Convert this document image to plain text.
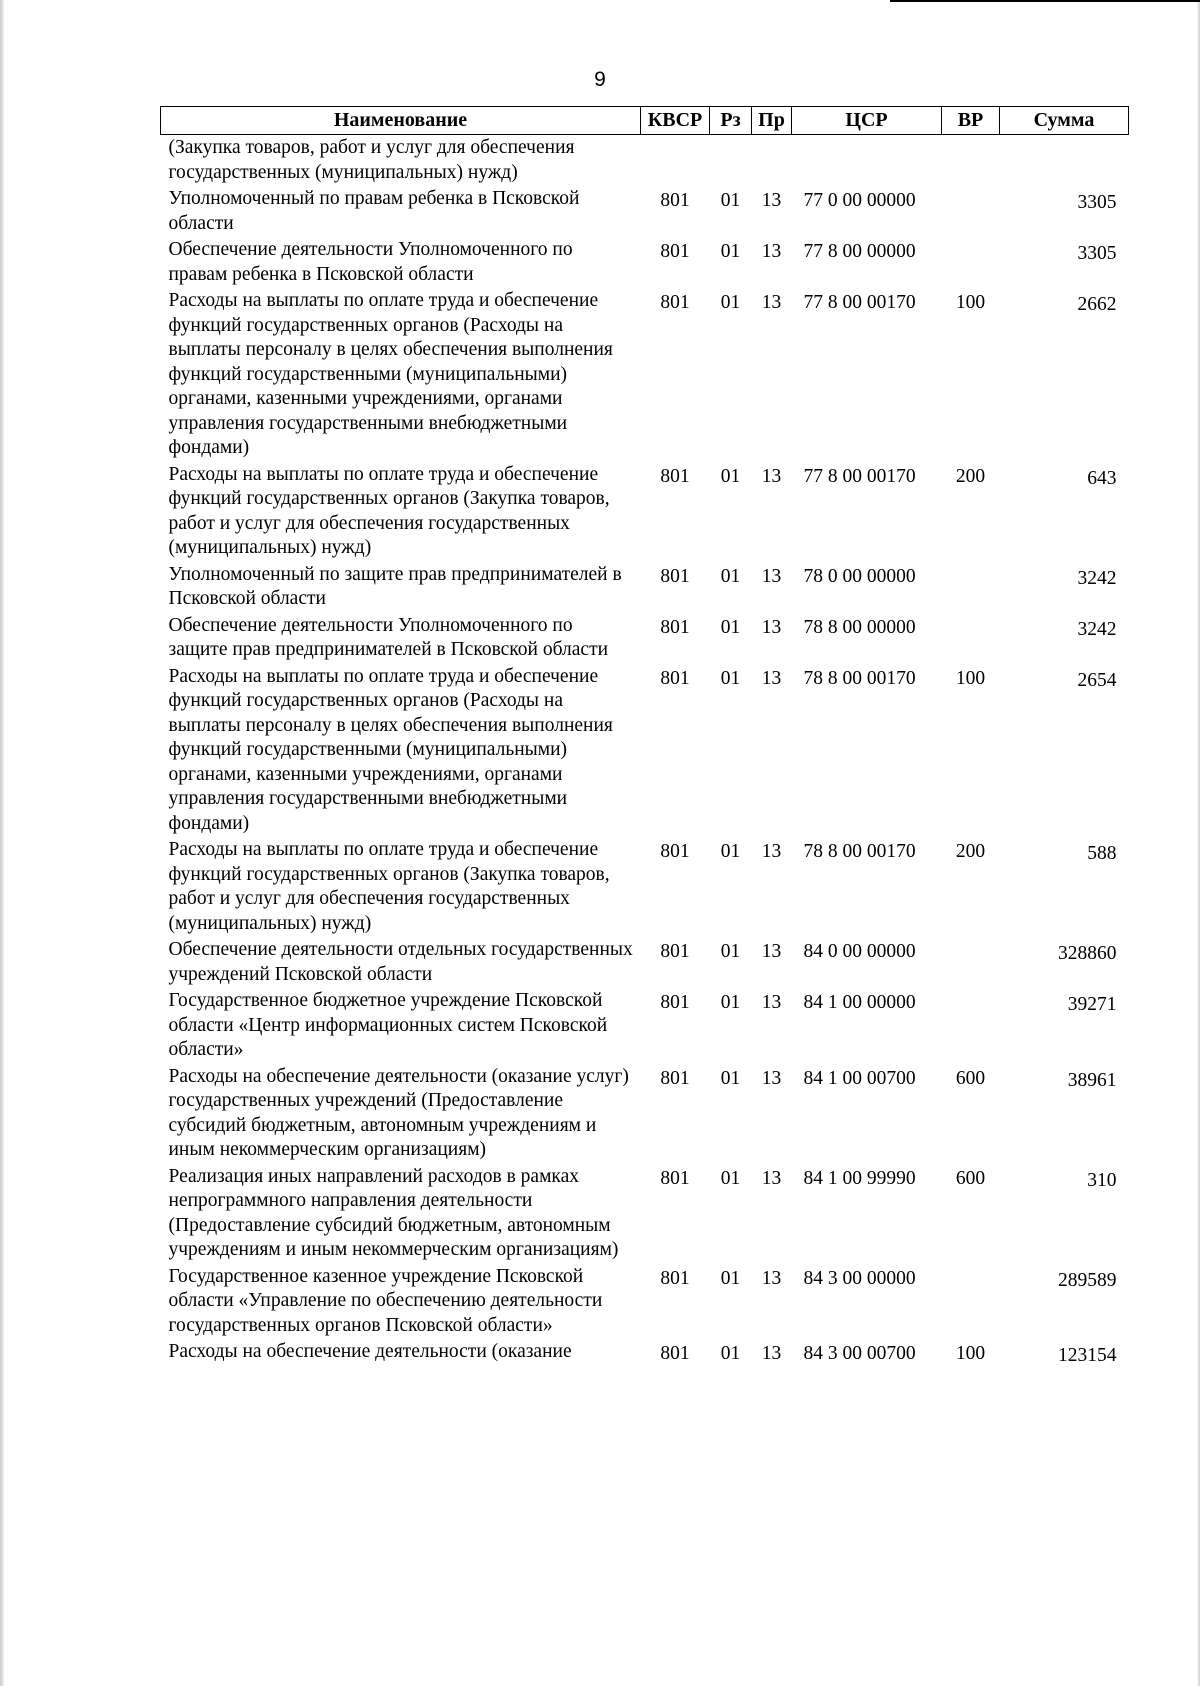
9
Наименование	КВСР	Рз	Пр	ЦСР	ВР	Сумма
(Закупка товаров, работ и услуг для обеспечения государственных (муниципальных) нужд)						
Уполномоченный по правам ребенка в Псковской области	801	01	13	77 0 00 00000		3305
Обеспечение деятельности Уполномоченного по правам ребенка в Псковской области	801	01	13	77 8 00 00000		3305
Расходы на выплаты по оплате труда и обеспечение функций государственных органов (Расходы на выплаты персоналу в целях обеспечения выполнения функций государственными (муниципальными) органами, казенными учреждениями, органами управления государственными внебюджетными фондами)	801	01	13	77 8 00 00170	100	2662
Расходы на выплаты по оплате труда и обеспечение функций государственных органов (Закупка товаров, работ и услуг для обеспечения государственных (муниципальных) нужд)	801	01	13	77 8 00 00170	200	643
Уполномоченный по защите прав предпринимателей в Псковской области	801	01	13	78 0 00 00000		3242
Обеспечение деятельности Уполномоченного по защите прав предпринимателей в Псковской области	801	01	13	78 8 00 00000		3242
Расходы на выплаты по оплате труда и обеспечение функций государственных органов (Расходы на выплаты персоналу в целях обеспечения выполнения функций государственными (муниципальными) органами, казенными учреждениями, органами управления государственными внебюджетными фондами)	801	01	13	78 8 00 00170	100	2654
Расходы на выплаты по оплате труда и обеспечение функций государственных органов (Закупка товаров, работ и услуг для обеспечения государственных (муниципальных) нужд)	801	01	13	78 8 00 00170	200	588
Обеспечение деятельности отдельных государственных учреждений Псковской области	801	01	13	84 0 00 00000		328860
Государственное бюджетное учреждение Псковской области «Центр информационных систем Псковской области»	801	01	13	84 1 00 00000		39271
Расходы на обеспечение деятельности (оказание услуг) государственных учреждений (Предоставление субсидий бюджетным, автономным учреждениям и иным некоммерческим организациям)	801	01	13	84 1 00 00700	600	38961
Реализация иных направлений расходов в рамках непрограммного направления деятельности (Предоставление субсидий бюджетным, автономным учреждениям и иным некоммерческим организациям)	801	01	13	84 1 00 99990	600	310
Государственное казенное учреждение Псковской области «Управление по обеспечению деятельности государственных органов Псковской области»	801	01	13	84 3 00 00000		289589
Расходы на обеспечение деятельности (оказание	801	01	13	84 3 00 00700	100	123154
